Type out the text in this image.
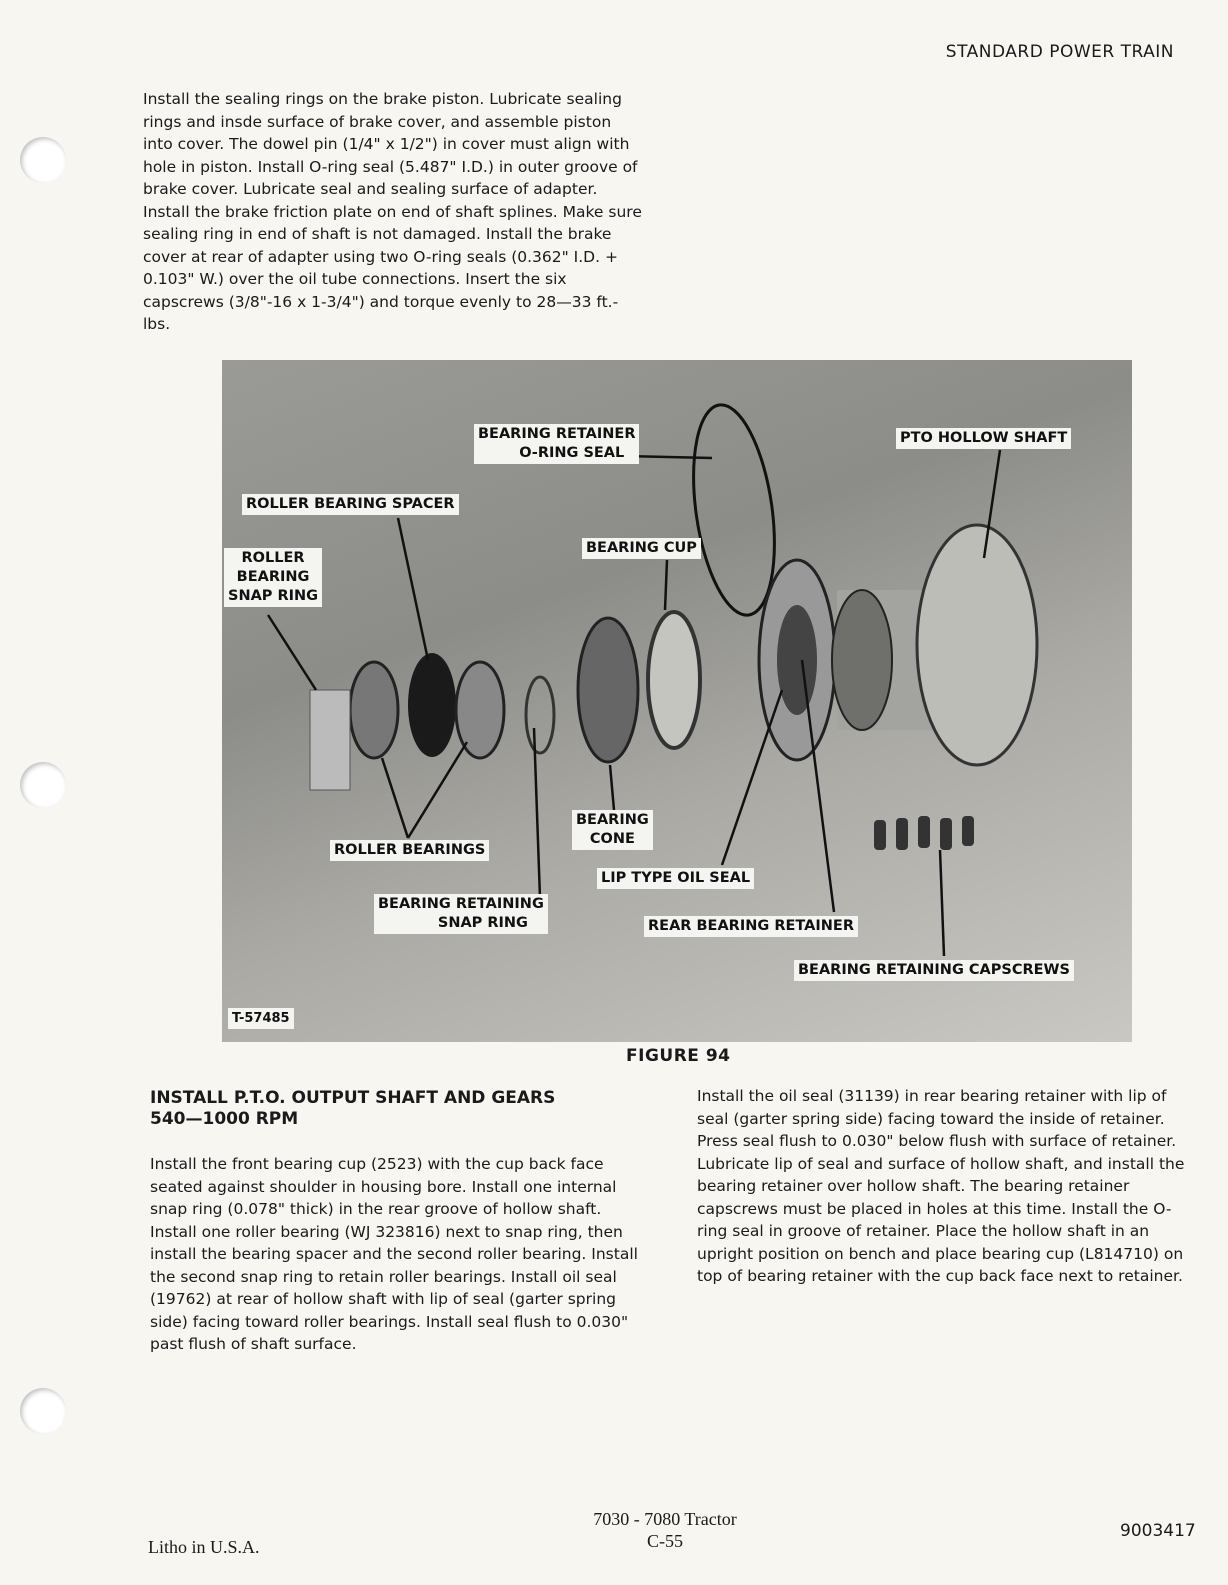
STANDARD POWER TRAIN
Install the sealing rings on the brake piston. Lubricate sealing rings and insde surface of brake cover, and assemble piston into cover. The dowel pin (1/4" x 1/2") in cover must align with hole in piston. Install O-ring seal (5.487" I.D.) in outer groove of brake cover. Lubricate seal and sealing surface of adapter. Install the brake friction plate on end of shaft splines. Make sure sealing ring in end of shaft is not damaged. Install the brake cover at rear of adapter using two O-ring seals (0.362" I.D. + 0.103" W.) over the oil tube connections. Insert the six capscrews (3/8"-16 x 1-3/4") and torque evenly to 28—33 ft.-lbs.
BEARING RETAINER
O-RING SEAL
PTO HOLLOW SHAFT
ROLLER BEARING SPACER
ROLLER
BEARING
SNAP RING
BEARING CUP
BEARING
CONE
ROLLER BEARINGS
LIP TYPE OIL SEAL
BEARING RETAINING
SNAP RING	REAR BEARING RETAINER
BEARING RETAINING CAPSCREWS
T-57485
FIGURE 94
INSTALL P.T.O. OUTPUT SHAFT AND GEARS
540—1000 RPM
Install the front bearing cup (2523) with the cup back face seated against shoulder in housing bore. Install one internal snap ring (0.078" thick) in the rear groove of hollow shaft. Install one roller bearing (WJ 323816) next to snap ring, then install the bearing spacer and the second roller bearing. Install the second snap ring to retain roller bearings. Install oil seal (19762) at rear of hollow shaft with lip of seal (garter spring side) facing toward roller bearings. Install seal flush to 0.030" past flush of shaft surface.
Install the oil seal (31139) in rear bearing retainer with lip of seal (garter spring side) facing toward the inside of retainer. Press seal flush to 0.030" below flush with surface of retainer. Lubricate lip of seal and surface of hollow shaft, and install the bearing retainer over hollow shaft. The bearing retainer capscrews must be placed in holes at this time. Install the O-ring seal in groove of retainer. Place the hollow shaft in an upright position on bench and place bearing cup (L814710) on top of bearing retainer with the cup back face next to retainer.
Litho in U.S.A.
7030 - 7080 Tractor
C-55	9003417
